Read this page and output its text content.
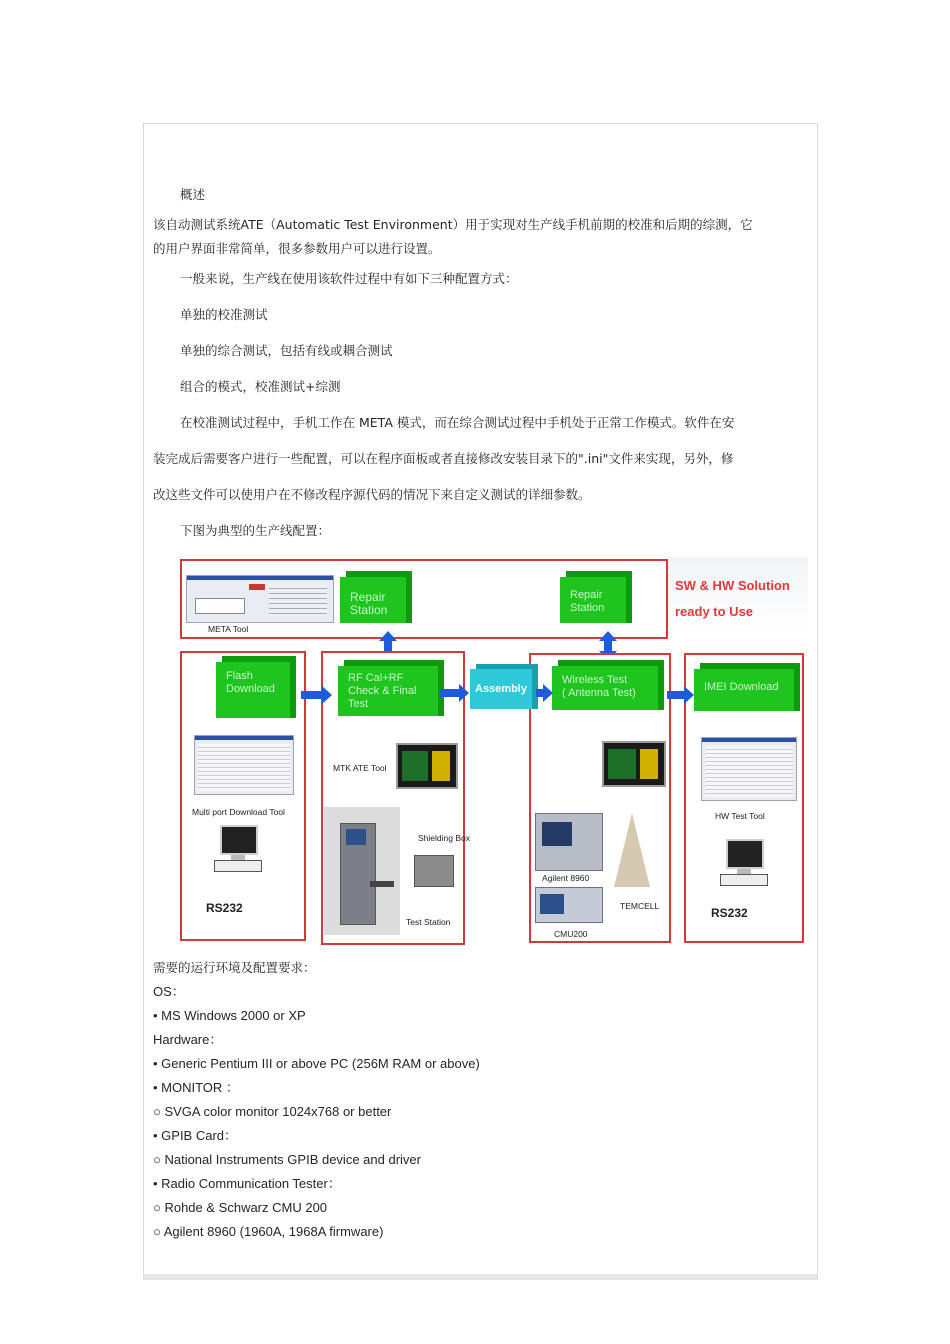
概述
该自动测试系统ATE（Automatic Test Environment）用于实现对生产线手机前期的校准和后期的综测，它
的用户界面非常简单，很多参数用户可以进行设置。
一般来说，生产线在使用该软件过程中有如下三种配置方式：
单独的校准测试
单独的综合测试，包括有线或耦合测试
组合的模式，校准测试+综测
在校准测试过程中，手机工作在 META 模式，而在综合测试过程中手机处于正常工作模式。软件在安
装完成后需要客户进行一些配置，可以在程序面板或者直接修改安装目录下的".ini"文件来实现，另外，修
改这些文件可以使用户在不修改程序源代码的情况下来自定义测试的详细参数。
下图为典型的生产线配置：
META Tool
Repair
Station
Repair
Station
SW & HW Solution
ready to Use
Flash
Download
RF Cal+RF
Check & Final
Test
Assembly
Wireless Test
( Antenna Test)	IMEI Download
Multi port Download Tool
RS232
MTK ATE Tool
Shielding Box
Test Station
Agilent 8960
TEMCELL
CMU200
HW Test Tool
RS232
需要的运行环境及配置要求：
OS：
• MS Windows 2000 or XP
Hardware：
• Generic Pentium III or above PC (256M RAM or above)
• MONITOR ：
○ SVGA color monitor 1024x768 or better
• GPIB Card：
○ National Instruments GPIB device and driver
• Radio Communication Tester：
○ Rohde & Schwarz CMU 200
○ Agilent 8960 (1960A, 1968A firmware)
